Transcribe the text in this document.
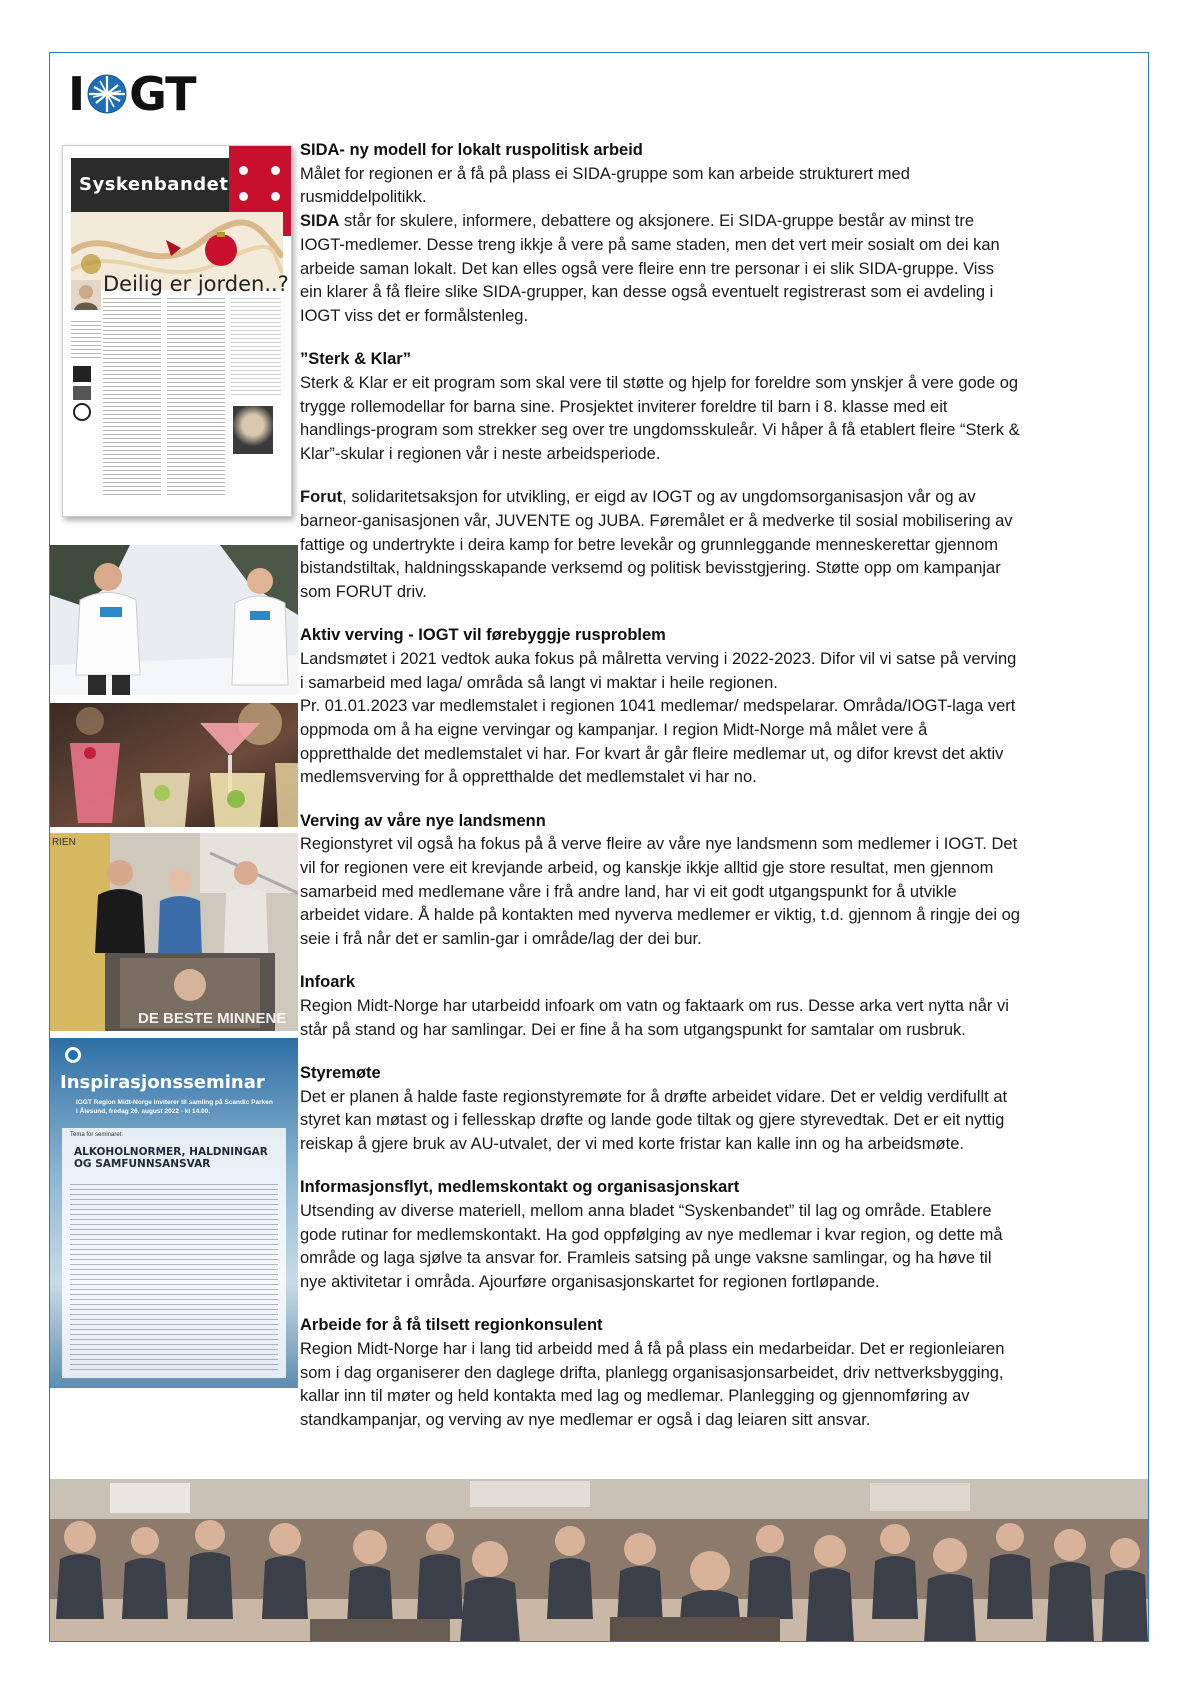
I GT
Syskenbandet
Deilig er jorden..?
RIEN
DE BESTE MINNENE
Inspirasjonsseminar
IOGT Region Midt-Norge inviterer til samling på Scandic Parken i Ålesund, fredag 26. august 2022 - kl 14.00.
Tema for seminaret:
ALKOHOLNORMER, HALDNINGAR OG SAMFUNNSANSVAR
SIDA- ny modell for lokalt ruspolitisk arbeid

Målet for regionen er å få på plass ei SIDA-gruppe som kan arbeide strukturert med rusmiddelpolitikk.

SIDA står for skulere, informere, debattere og aksjonere. Ei SIDA-gruppe består av minst tre IOGT-medlemer. Desse treng ikkje å vere på same staden, men det vert meir sosialt om dei kan arbeide saman lokalt. Det kan elles også vere fleire enn tre personar i ei slik SIDA-gruppe. Viss ein klarer å få fleire slike SIDA-grupper, kan desse også eventuelt registrerast som ei avdeling i IOGT viss det er formålstenleg.

”Sterk & Klar”

Sterk & Klar er eit program som skal vere til støtte og hjelp for foreldre som ynskjer å vere gode og trygge rollemodellar for barna sine. Prosjektet inviterer foreldre til barn i 8. klasse med eit handlings-program som strekker seg over tre ungdomsskuleår. Vi håper å få etablert fleire “Sterk & Klar”-skular i regionen vår i neste arbeidsperiode.

Forut, solidaritetsaksjon for utvikling, er eigd av IOGT og av ungdomsorganisasjon vår og av barneor-ganisasjonen vår, JUVENTE og JUBA. Føremålet er å medverke til sosial mobilisering av fattige og undertrykte i deira kamp for betre levekår og grunnleggande menneskerettar gjennom bistandstiltak, haldningsskapande verksemd og politisk bevisstgjering. Støtte opp om kampanjar som FORUT driv.

Aktiv verving - IOGT vil førebyggje rusproblem

Landsmøtet i 2021 vedtok auka fokus på målretta verving i 2022-2023. Difor vil vi satse på verving i samarbeid med laga/ områda så langt vi maktar i heile regionen.

Pr. 01.01.2023 var medlemstalet i regionen 1041 medlemar/ medspelarar. Områda/IOGT-laga vert oppmoda om å ha eigne vervingar og kampanjar. I region Midt-Norge må målet vere å oppretthalde det medlemstalet vi har. For kvart år går fleire medlemar ut, og difor krevst det aktiv medlemsverving for å oppretthalde det medlemstalet vi har no.

Verving av våre nye landsmenn

Regionstyret vil også ha fokus på å verve fleire av våre nye landsmenn som medlemer i IOGT. Det vil for regionen vere eit krevjande arbeid, og kanskje ikkje alltid gje store resultat, men gjennom samarbeid med medlemane våre i frå andre land, har vi eit godt utgangspunkt for å utvikle arbeidet vidare. Å halde på kontakten med nyverva medlemer er viktig, t.d. gjennom å ringje dei og seie i frå når det er samlin-gar i område/lag der dei bur.

Infoark

Region Midt-Norge har utarbeidd infoark om vatn og faktaark om rus. Desse arka vert nytta når vi står på stand og har samlingar. Dei er fine å ha som utgangspunkt for samtalar om rusbruk.

Styremøte

Det er planen å halde faste regionstyremøte for å drøfte arbeidet vidare. Det er veldig verdifullt at styret kan møtast og i fellesskap drøfte og lande gode tiltak og gjere styrevedtak. Det er eit nyttig reiskap å gjere bruk av AU-utvalet, der vi med korte fristar kan kalle inn og ha arbeidsmøte.

Informasjonsflyt, medlemskontakt og organisasjonskart

Utsending av diverse materiell, mellom anna bladet “Syskenbandet” til lag og område. Etablere gode rutinar for medlemskontakt. Ha god oppfølging av nye medlemar i kvar region, og dette må område og laga sjølve ta ansvar for. Framleis satsing på unge vaksne samlingar, og ha høve til nye aktivitetar i områda. Ajourføre organisasjonskartet for regionen fortløpande.

Arbeide for å få tilsett regionkonsulent

Region Midt-Norge har i lang tid arbeidd med å få på plass ein medarbeidar. Det er regionleiaren som i dag organiserer den daglege drifta, planlegg organisasjonsarbeidet, driv nettverksbygging, kallar inn til møter og held kontakta med lag og medlemar. Planlegging og gjennomføring av standkampanjar, og verving av nye medlemar er også i dag leiaren sitt ansvar.
